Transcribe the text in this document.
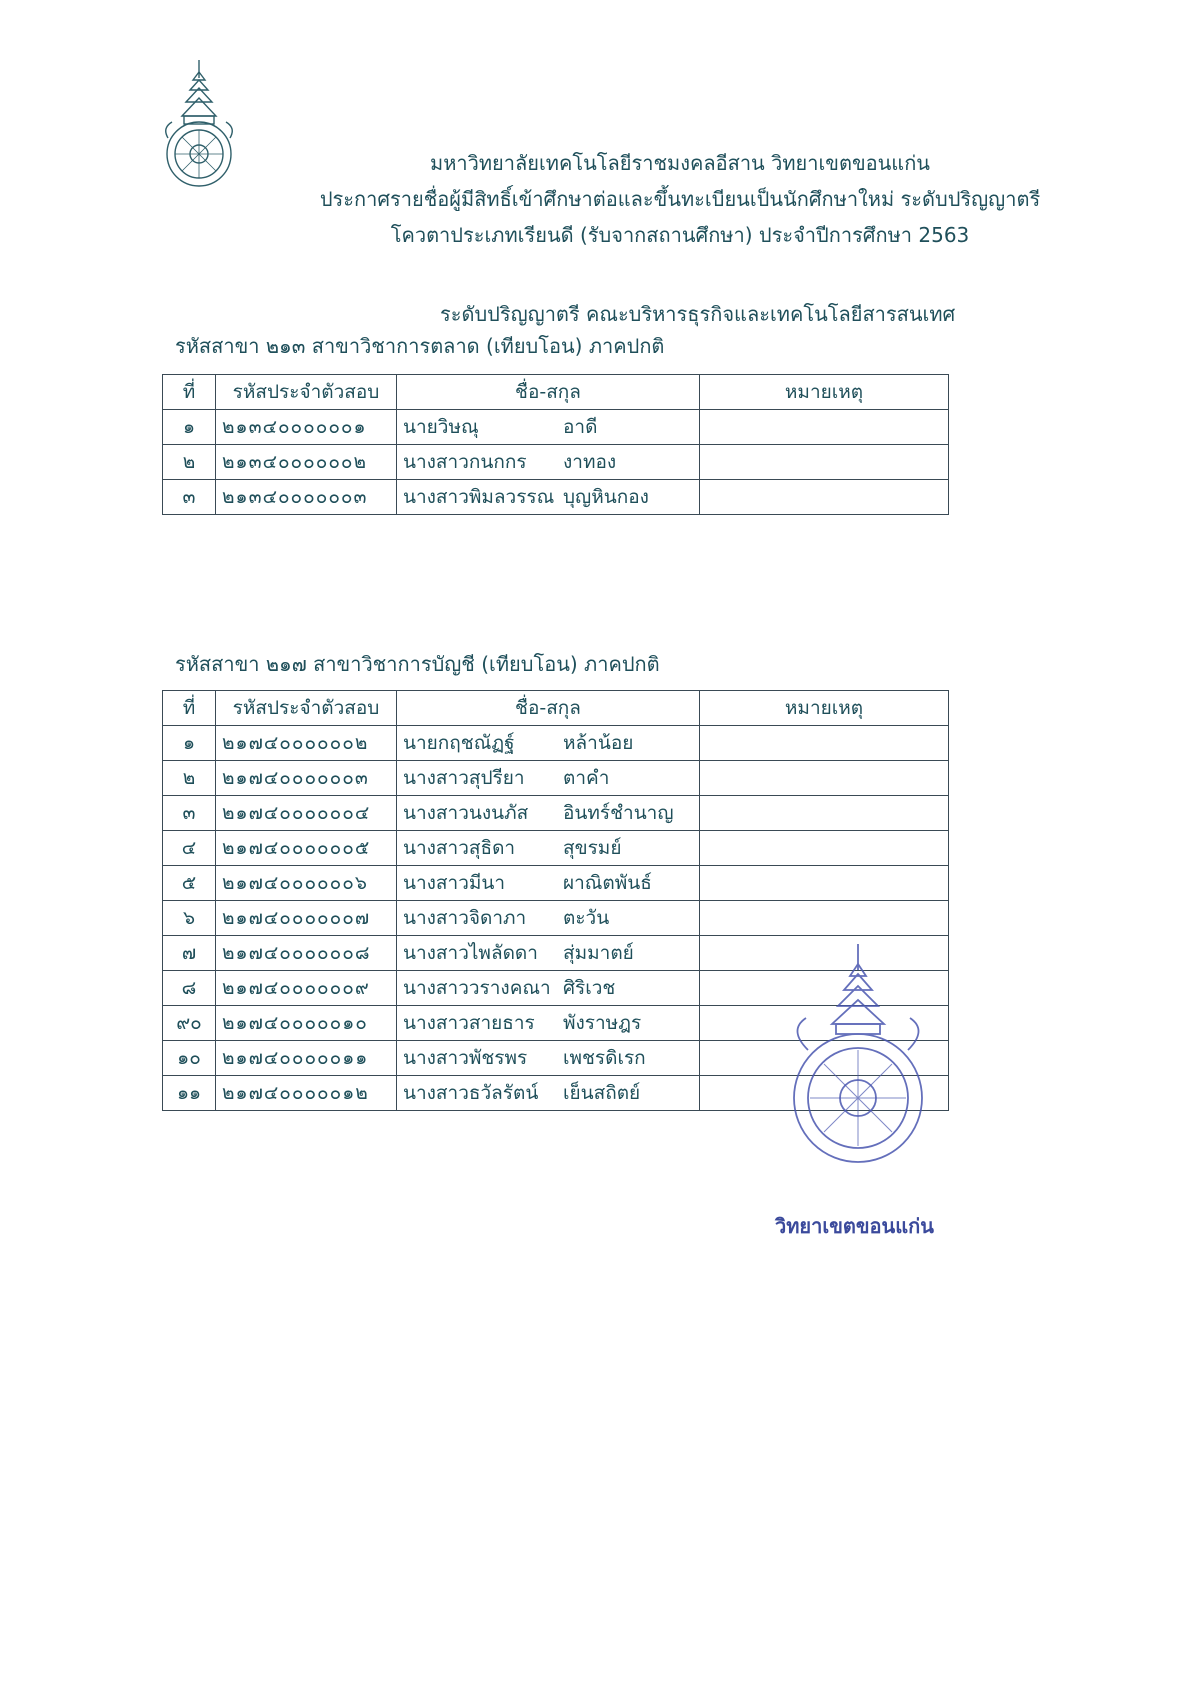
มหาวิทยาลัยเทคโนโลยีราชมงคลอีสาน วิทยาเขตขอนแก่น
ประกาศรายชื่อผู้มีสิทธิ์เข้าศึกษาต่อและขึ้นทะเบียนเป็นนักศึกษาใหม่ ระดับปริญญาตรี
โควตาประเภทเรียนดี (รับจากสถานศึกษา) ประจำปีการศึกษา 2563
ระดับปริญญาตรี คณะบริหารธุรกิจและเทคโนโลยีสารสนเทศ
รหัสสาขา ๒๑๓ สาขาวิชาการตลาด (เทียบโอน) ภาคปกติ
ที่	รหัสประจำตัวสอบ	ชื่อ-สกุล	หมายเหตุ
๑	๒๑๓๔๐๐๐๐๐๐๑	นายวิษณุ อาดี	
๒	๒๑๓๔๐๐๐๐๐๐๒	นางสาวกนกกร งาทอง	
๓	๒๑๓๔๐๐๐๐๐๐๓	นางสาวพิมลวรรณ บุญหินกอง	
รหัสสาขา ๒๑๗ สาขาวิชาการบัญชี (เทียบโอน) ภาคปกติ
ที่	รหัสประจำตัวสอบ	ชื่อ-สกุล	หมายเหตุ
๑	๒๑๗๔๐๐๐๐๐๐๒	นายกฤชณัฏฐ์ หล้าน้อย	
๒	๒๑๗๔๐๐๐๐๐๐๓	นางสาวสุปรียา ตาคำ	
๓	๒๑๗๔๐๐๐๐๐๐๔	นางสาวนงนภัส อินทร์ชำนาญ	
๔	๒๑๗๔๐๐๐๐๐๐๕	นางสาวสุธิดา สุขรมย์	
๕	๒๑๗๔๐๐๐๐๐๐๖	นางสาวมีนา ผาณิตพันธ์	
๖	๒๑๗๔๐๐๐๐๐๐๗	นางสาวจิดาภา ตะวัน	
๗	๒๑๗๔๐๐๐๐๐๐๘	นางสาวไพลัดดา สุ่มมาตย์	
๘	๒๑๗๔๐๐๐๐๐๐๙	นางสาววรางคณา ศิริเวช	
๙๐	๒๑๗๔๐๐๐๐๐๑๐	นางสาวสายธาร พังราษฎร	
๑๐	๒๑๗๔๐๐๐๐๐๑๑	นางสาวพัชรพร เพชรดิเรก	
๑๑	๒๑๗๔๐๐๐๐๐๑๒	นางสาวธวัลรัตน์ เย็นสถิตย์	
วิทยาเขตขอนแก่น
